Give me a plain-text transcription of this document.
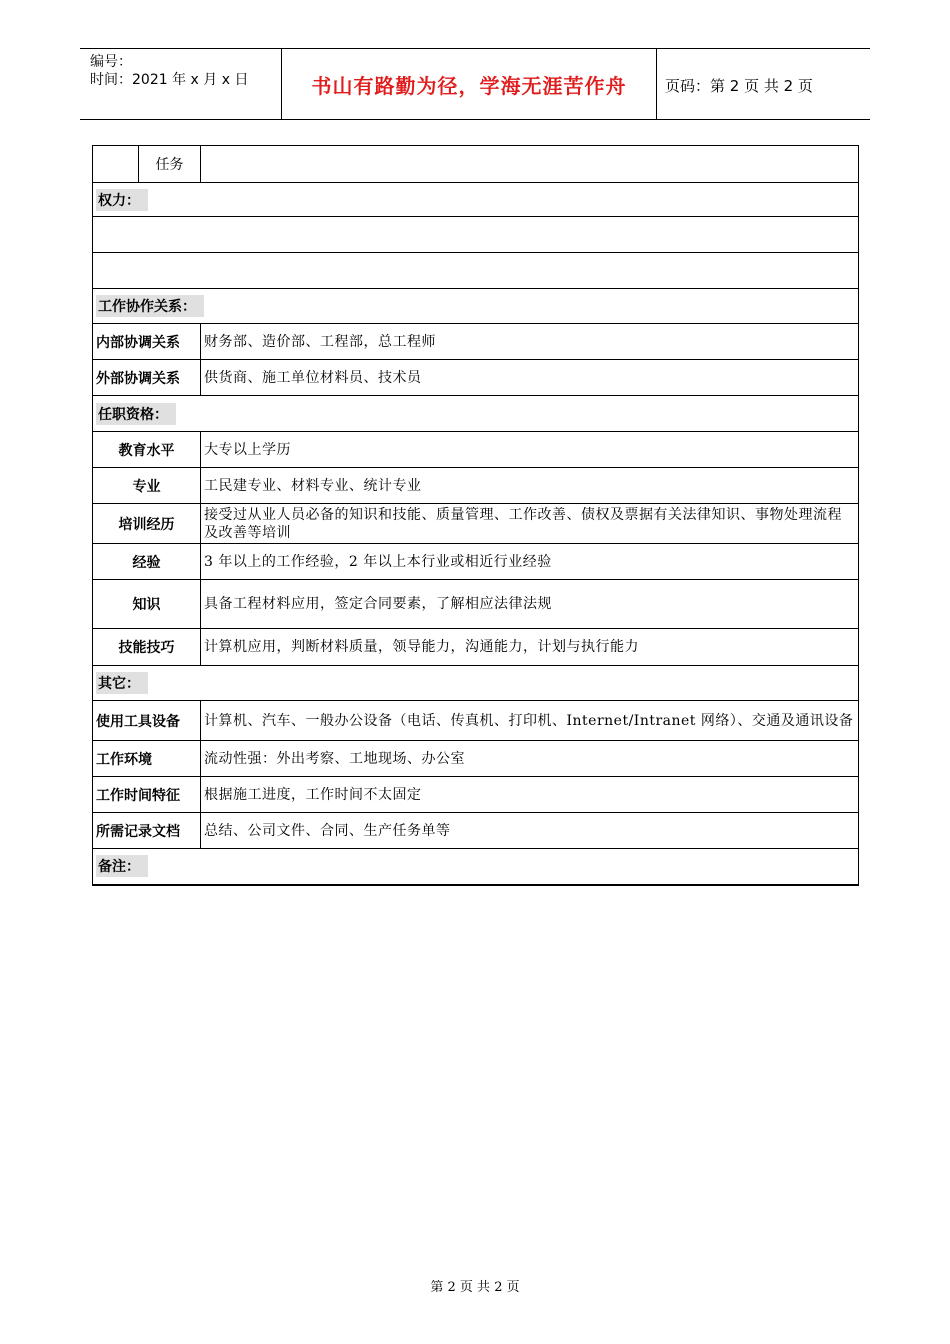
编号：
时间：2021 年 x 月 x 日	书山有路勤为径，学海无涯苦作舟	页码：第 2 页 共 2 页
	任务	
权力：		

工作协作关系：		
内部协调关系		财务部、造价部、工程部，总工程师
外部协调关系		供货商、施工单位材料员、技术员
任职资格：		
教育水平		大专以上学历
专业		工民建专业、材料专业、统计专业
培训经历		接受过从业人员必备的知识和技能、质量管理、工作改善、债权及票据有关法律知识、事物处理流程及改善等培训
经验		3 年以上的工作经验，2 年以上本行业或相近行业经验
知识		具备工程材料应用，签定合同要素，了解相应法律法规
技能技巧		计算机应用，判断材料质量，领导能力，沟通能力，计划与执行能力
其它：		
使用工具设备		计算机、汽车、一般办公设备（电话、传真机、打印机、Internet/Intranet 网络）、交通及通讯设备
工作环境		流动性强：外出考察、工地现场、办公室
工作时间特征		根据施工进度，工作时间不太固定
所需记录文档		总结、公司文件、合同、生产任务单等
备注：		
第 2 页 共 2 页
